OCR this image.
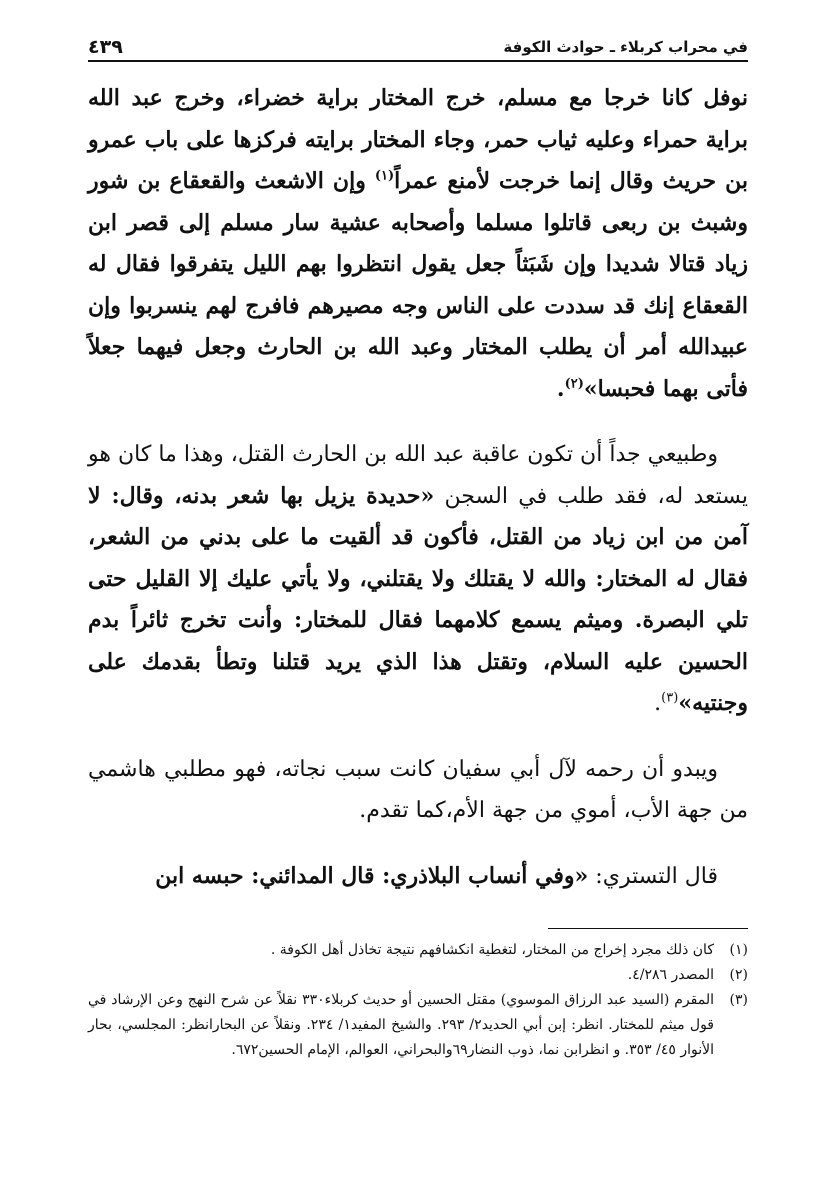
في محراب كربلاء ـ حوادث الكوفة
٤٣٩

نوفل كانا خرجا مع مسلم، خرج المختار براية خضراء، وخرج عبد الله براية حمراء وعليه ثياب حمر، وجاء المختار برايته فركزها على باب عمرو بن حريث وقال إنما خرجت لأمنع عمراً$^{(١)}$ وإن الاشعث والقعقاع بن شور وشبث بن ربعى قاتلوا مسلما وأصحابه عشية سار مسلم إلى قصر ابن زياد قتالا شديدا وإن شَبَثاً جعل يقول انتظروا بهم الليل يتفرقوا فقال له القعقاع إنك قد سددت على الناس وجه مصيرهم فافرج لهم ينسربوا وإن عبيدالله أمر أن يطلب المختار وعبد الله بن الحارث وجعل فيهما جعلاً فأتى بهما فحبسا»$^{(٢)}$.

وطبيعي جداً أن تكون عاقبة عبد الله بن الحارث القتل، وهذا ما كان هو يستعد له، فقد طلب في السجن «حديدة يزيل بها شعر بدنه، وقال: لا آمن من ابن زياد من القتل، فأكون قد ألقيت ما على بدني من الشعر، فقال له المختار: والله لا يقتلك ولا يقتلني، ولا يأتي عليك إلا القليل حتى تلي البصرة. وميثم يسمع كلامهما فقال للمختار: وأنت تخرج ثائراً بدم الحسين عليه السلام، وتقتل هذا الذي يريد قتلنا وتطأ بقدمك على وجنتيه»$^{(٣)}$.

ويبدو أن رحمه لآل أبي سفيان كانت سبب نجاته، فهو مطلبي هاشمي من جهة الأب، أموي من جهة الأم،كما تقدم.

قال التستري: «وفي أنساب البلاذري: قال المدائني: حبسه ابن

(١)
كان ذلك مجرد إخراج من المختار، لتغطية انكشافهم نتيجة تخاذل أهل الكوفة .

(٢)
المصدر ٤/٢٨٦.

(٣)
المقرم (السيد عبد الرزاق الموسوي) مقتل الحسين أو حديث كربلاء٣٣٠ نقلاً عن شرح النهج وعن الإرشاد في قول ميثم للمختار. انظر: إبن أبي الحديد٢/ ٢٩٣. والشيخ المفيد١/ ٢٣٤. ونقلاً عن البحارانظر: المجلسي، بحار الأنوار ٤٥/ ٣٥٣. و انظرابن نما، ذوب النضار٦٩والبحراني، العوالم، الإمام الحسين٦٧٢.
